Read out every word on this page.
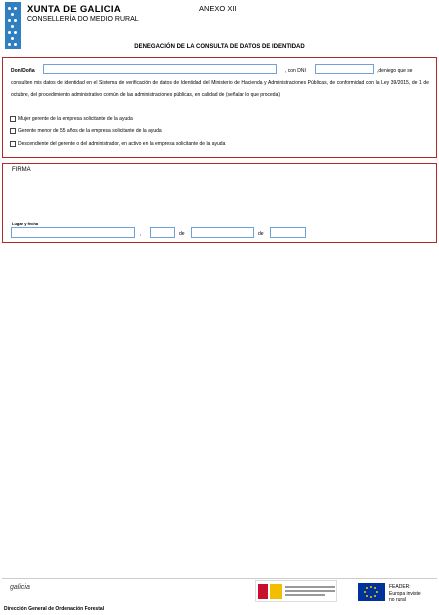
XUNTA DE GALICIA
CONSELLERÍA DO MEDIO RURAL
ANEXO XII
DENEGACIÓN DE LA CONSULTA DE DATOS DE IDENTIDAD
Don/Doña	, con DNI	,deniego que se
consulten mis datos de identidad en el Sistema de verificación de datos de Identidad del Ministerio de Hacienda y Administraciones Públicas, de conformidad con la Ley 39/2015, de 1 de octubre, del procedimiento administrativo común de las administraciones públicas, en calidad de (señalar lo que proceda)
Mujer gerente de la empresa solicitante de la ayuda
Gerente menor de 55 años de la empresa solicitante de la ayuda
Descendiente del gerente o del administrador, en activo en la empresa solicitante de la ayuda
FIRMA
Lugar y fecha
,	de	de
galicia	FEADER:
Europa inviste
no rural
Dirección General de Ordenación Forestal
